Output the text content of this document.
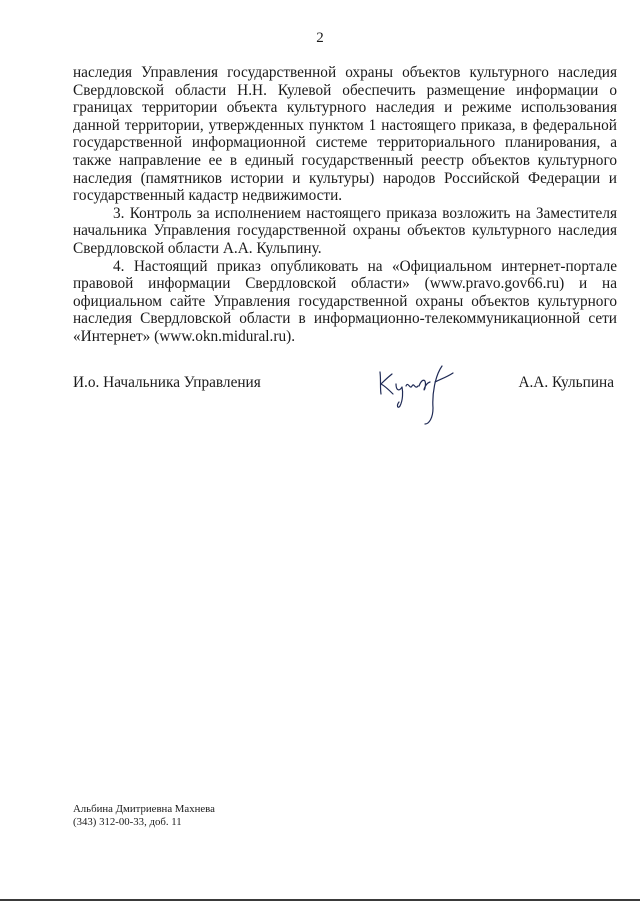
2

наследия Управления государственной охраны объектов культурного наследия Свердловской области Н.Н. Кулевой обеспечить размещение информации о границах территории объекта культурного наследия и режиме использования данной территории, утвержденных пунктом 1 настоящего приказа, в федеральной государственной информационной системе территориального планирования, а также направление ее в единый государственный реестр объектов культурного наследия (памятников истории и культуры) народов Российской Федерации и государственный кадастр недвижимости.

3. Контроль за исполнением настоящего приказа возложить на Заместителя начальника Управления государственной охраны объектов культурного наследия Свердловской области А.А. Кульпину.

4. Настоящий приказ опубликовать на «Официальном интернет-портале правовой информации Свердловской области» (www.pravo.gov66.ru) и на официальном сайте Управления государственной охраны объектов культурного наследия Свердловской области в информационно-телекоммуникационной сети «Интернет» (www.okn.midural.ru).

И.о. Начальника Управления	А.А. Кульпина
Альбина Дмитриевна Махнева
(343) 312-00-33, доб. 11
